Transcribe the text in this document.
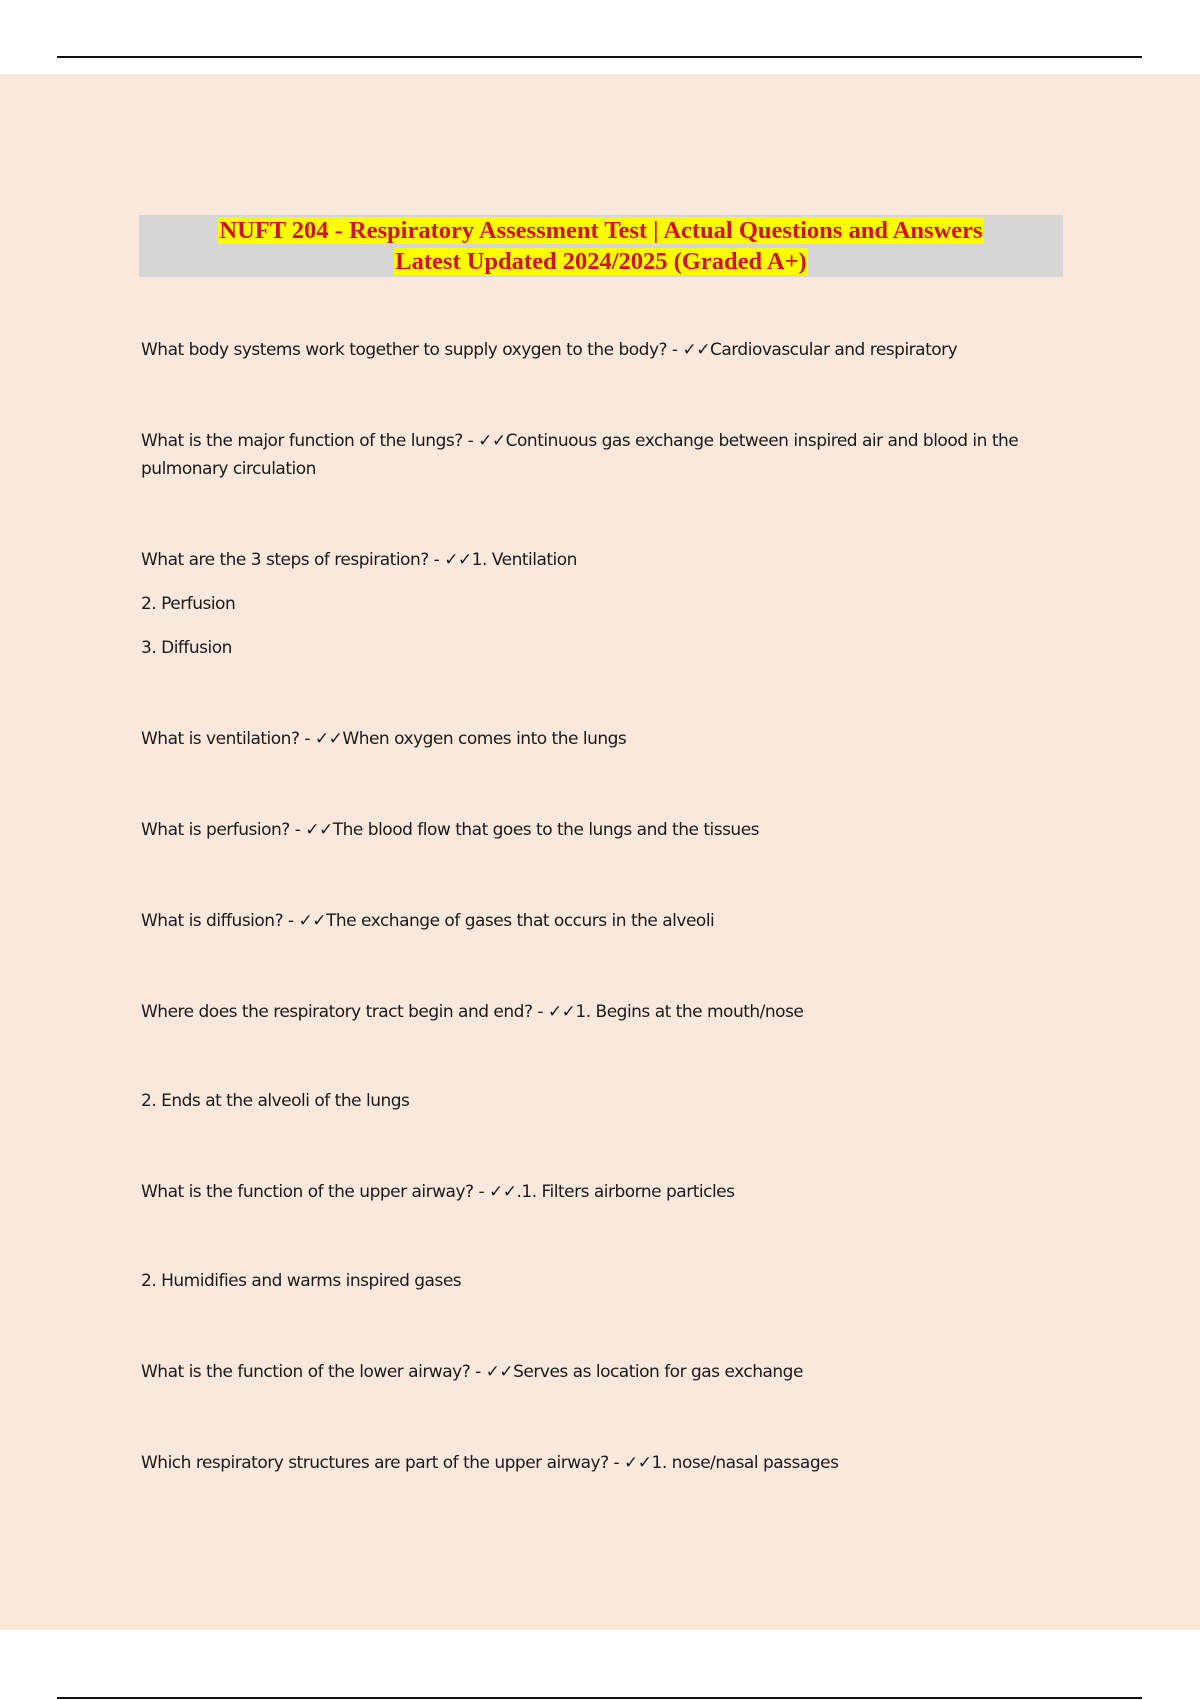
NUFT 204 - Respiratory Assessment Test | Actual Questions and Answers
Latest Updated 2024/2025 (Graded A+)

What body systems work together to supply oxygen to the body? - ✓✓Cardiovascular and respiratory

What is the major function of the lungs? - ✓✓Continuous gas exchange between inspired air and blood in the pulmonary circulation

What are the 3 steps of respiration? - ✓✓1. Ventilation

2. Perfusion

3. Diffusion

What is ventilation? - ✓✓When oxygen comes into the lungs

What is perfusion? - ✓✓The blood flow that goes to the lungs and the tissues

What is diffusion? - ✓✓The exchange of gases that occurs in the alveoli

Where does the respiratory tract begin and end? - ✓✓1. Begins at the mouth/nose

2. Ends at the alveoli of the lungs

What is the function of the upper airway? - ✓✓.1. Filters airborne particles

2. Humidifies and warms inspired gases

What is the function of the lower airway? - ✓✓Serves as location for gas exchange

Which respiratory structures are part of the upper airway? - ✓✓1. nose/nasal passages
